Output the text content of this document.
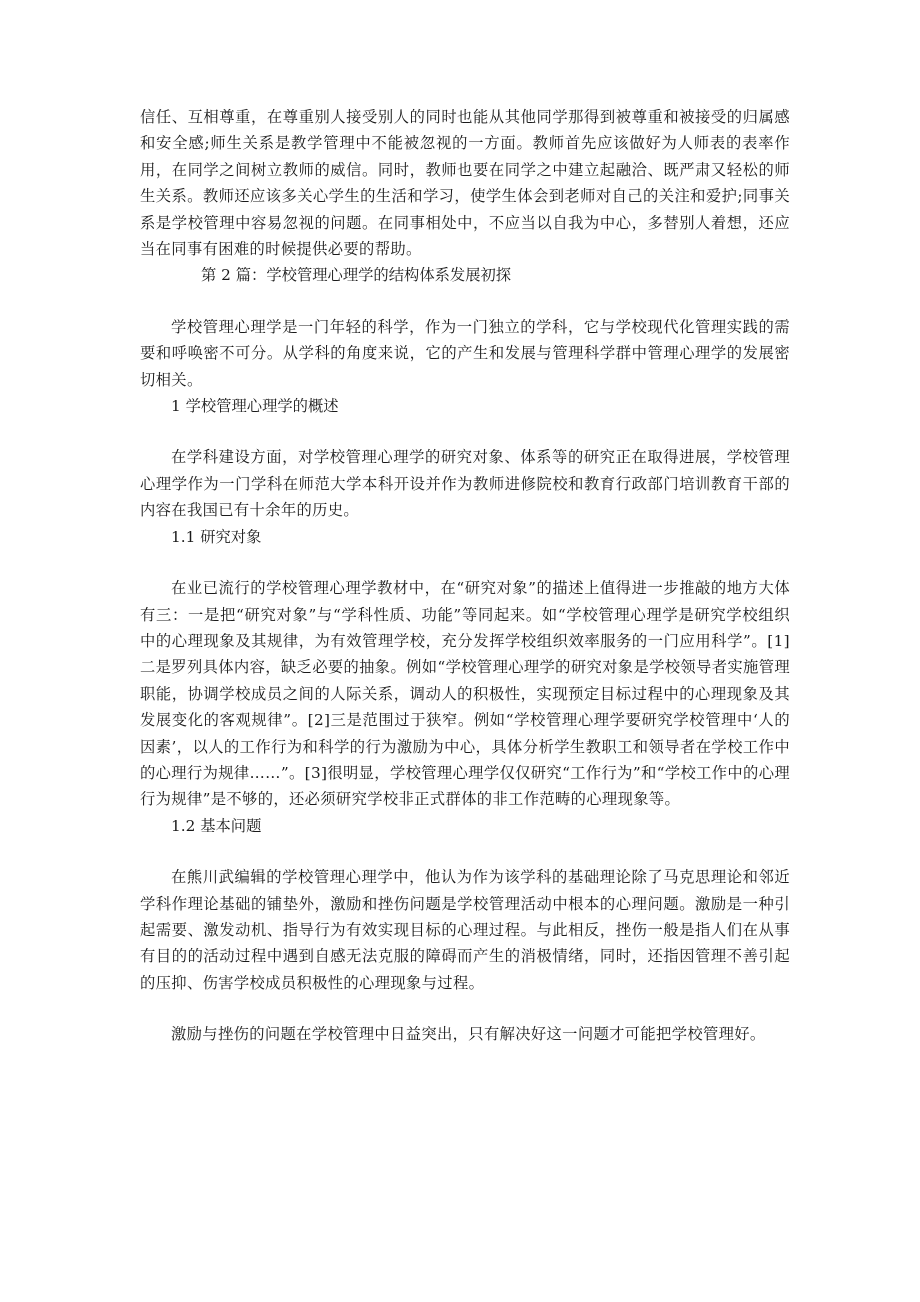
信任、互相尊重，在尊重别人接受别人的同时也能从其他同学那得到被尊重和被接受的归属感和安全感;师生关系是教学管理中不能被忽视的一方面。教师首先应该做好为人师表的表率作用，在同学之间树立教师的威信。同时，教师也要在同学之中建立起融洽、既严肃又轻松的师生关系。教师还应该多关心学生的生活和学习，使学生体会到老师对自己的关注和爱护;同事关系是学校管理中容易忽视的问题。在同事相处中，不应当以自我为中心，多替别人着想，还应当在同事有困难的时候提供必要的帮助。

第 2 篇：学校管理心理学的结构体系发展初探

学校管理心理学是一门年轻的科学，作为一门独立的学科，它与学校现代化管理实践的需要和呼唤密不可分。从学科的角度来说，它的产生和发展与管理科学群中管理心理学的发展密切相关。

1 学校管理心理学的概述

在学科建设方面，对学校管理心理学的研究对象、体系等的研究正在取得进展，学校管理心理学作为一门学科在师范大学本科开设并作为教师进修院校和教育行政部门培训教育干部的内容在我国已有十余年的历史。

1.1 研究对象

在业已流行的学校管理心理学教材中，在“研究对象”的描述上值得进一步推敲的地方大体有三：一是把“研究对象”与“学科性质、功能”等同起来。如“学校管理心理学是研究学校组织中的心理现象及其规律，为有效管理学校，充分发挥学校组织效率服务的一门应用科学”。[1]二是罗列具体内容，缺乏必要的抽象。例如“学校管理心理学的研究对象是学校领导者实施管理职能，协调学校成员之间的人际关系，调动人的积极性，实现预定目标过程中的心理现象及其发展变化的客观规律”。[2]三是范围过于狭窄。例如“学校管理心理学要研究学校管理中‘人的因素’，以人的工作行为和科学的行为激励为中心，具体分析学生教职工和领导者在学校工作中的心理行为规律……”。[3]很明显，学校管理心理学仅仅研究“工作行为”和“学校工作中的心理行为规律”是不够的，还必须研究学校非正式群体的非工作范畴的心理现象等。

1.2 基本问题

在熊川武编辑的学校管理心理学中，他认为作为该学科的基础理论除了马克思理论和邻近学科作理论基础的铺垫外，激励和挫伤问题是学校管理活动中根本的心理问题。激励是一种引起需要、激发动机、指导行为有效实现目标的心理过程。与此相反，挫伤一般是指人们在从事有目的的活动过程中遇到自感无法克服的障碍而产生的消极情绪，同时，还指因管理不善引起的压抑、伤害学校成员积极性的心理现象与过程。

激励与挫伤的问题在学校管理中日益突出，只有解决好这一问题才可能把学校管理好。
